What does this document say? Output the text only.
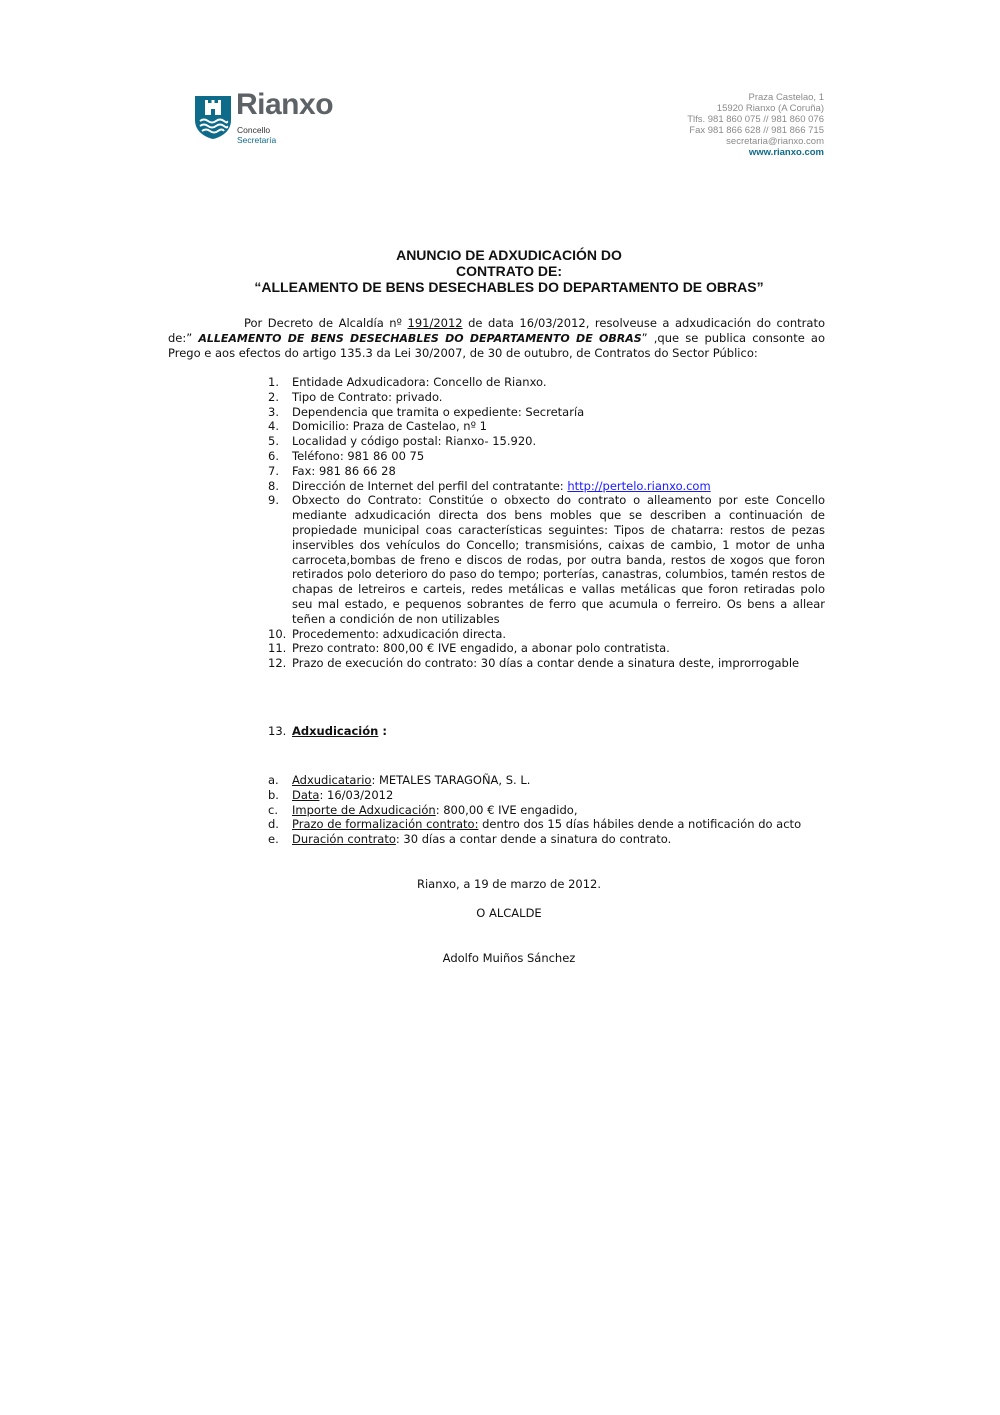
Rianxo
Concello
Secretaría
Praza Castelao, 1
15920 Rianxo (A Coruña)
Tlfs. 981 860 075 // 981 860 076
Fax 981 866 628 // 981 866 715
secretaria@rianxo.com
www.rianxo.com
ANUNCIO DE ADXUDICACIÓN DO
CONTRATO DE:
“ALLEAMENTO DE BENS DESECHABLES DO DEPARTAMENTO DE OBRAS”
Por Decreto de Alcaldía nº 191/2012 de data 16/03/2012, resolveuse a adxudicación do contrato de:” ALLEAMENTO DE BENS DESECHABLES DO DEPARTAMENTO DE OBRAS” ,que se publica consonte ao Prego e aos efectos do artigo 135.3 da Lei 30/2007, de 30 de outubro, de Contratos do Sector Público:
1. Entidade Adxudicadora: Concello de Rianxo.
2. Tipo de Contrato: privado.
3. Dependencia que tramita o expediente: Secretaría
4. Domicilio: Praza de Castelao, nº 1
5. Localidad y código postal: Rianxo- 15.920.
6. Teléfono: 981 86 00 75
7. Fax: 981 86 66 28
8. Dirección de Internet del perfil del contratante: http://pertelo.rianxo.com
9. Obxecto do Contrato: Constitúe o obxecto do contrato o alleamento por este Concello mediante adxudicación directa dos bens mobles que se describen a continuación de propiedade municipal coas características seguintes: Tipos de chatarra: restos de pezas inservibles dos vehículos do Concello; transmisións, caixas de cambio, 1 motor de unha carroceta,bombas de freno e discos de rodas, por outra banda, restos de xogos que foron retirados polo deterioro do paso do tempo; porterías, canastras, columbios, tamén restos de chapas de letreiros e carteis, redes metálicas e vallas metálicas que foron retiradas polo seu mal estado, e pequenos sobrantes de ferro que acumula o ferreiro. Os bens a allear teñen a condición de non utilizables
10. Procedemento: adxudicación directa.
11. Prezo contrato: 800,00 € IVE engadido, a abonar polo contratista.
12. Prazo de execución do contrato: 30 días a contar dende a sinatura deste, improrrogable
13. Adxudicación :
a. Adxudicatario: METALES TARAGOÑA, S. L.
b. Data: 16/03/2012
c. Importe de Adxudicación: 800,00 € IVE engadido,
d. Prazo de formalización contrato: dentro dos 15 días hábiles dende a notificación do acto
e. Duración contrato: 30 días a contar dende a sinatura do contrato.
Rianxo, a 19 de marzo de 2012.
O ALCALDE
Adolfo Muiños Sánchez
